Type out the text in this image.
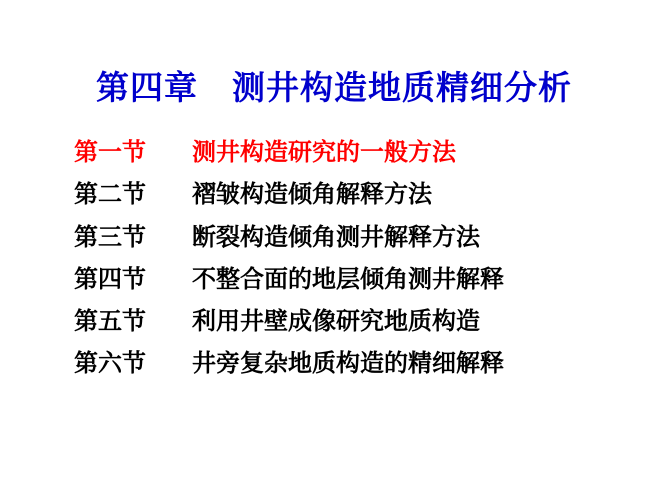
第四章　测井构造地质精细分析
第一节	测井构造研究的一般方法
第二节	褶皱构造倾角解释方法
第三节	断裂构造倾角测井解释方法
第四节	不整合面的地层倾角测井解释
第五节	利用井壁成像研究地质构造
第六节	井旁复杂地质构造的精细解释
